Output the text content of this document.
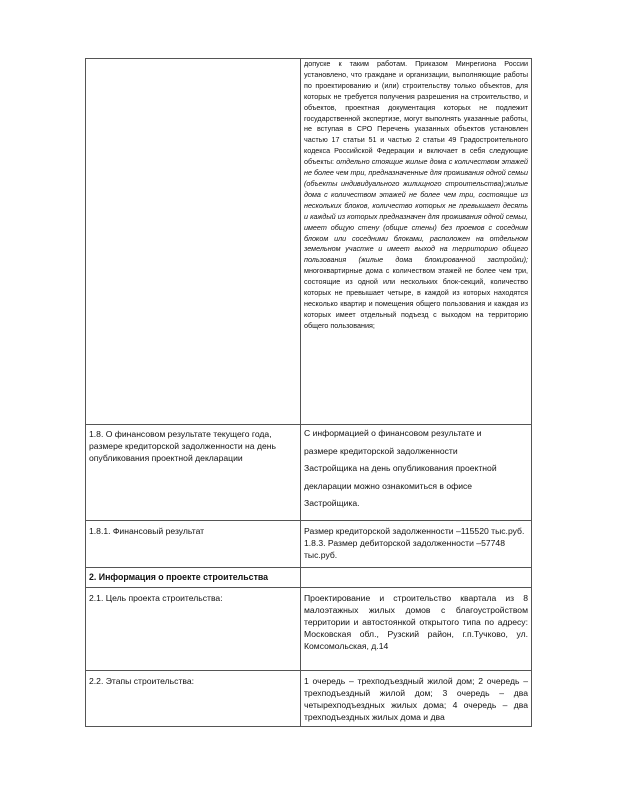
	допуске к таким работам. Приказом Минрегиона России установлено, что граждане и организации, выполняющие работы по проектированию и (или) строительству только объектов, для которых не требуется получения разрешения на строительство, и объектов, проектная документация которых не подлежит государственной экспертизе, могут выполнять указанные работы, не вступая в СРО Перечень указанных объектов установлен частью 17 статьи 51 и частью 2 статьи 49 Градостроительного кодекса Российской Федерации и включает в себя следующие объекты: отдельно стоящие жилые дома с количеством этажей не более чем три, предназначенные для проживания одной семьи (объекты индивидуального жилищного строительства);жилые дома с количеством этажей не более чем три, состоящие из нескольких блоков, количество которых не превышает десять и каждый из которых предназначен для проживания одной семьи, имеет общую стену (общие стены) без проемов с соседним блоком или соседними блоками, расположен на отдельном земельном участке и имеет выход на территорию общего пользования (жилые дома блокированной застройки); многоквартирные дома с количеством этажей не более чем три, состоящие из одной или нескольких блок-секций, количество которых не превышает четыре, в каждой из которых находятся несколько квартир и помещения общего пользования и каждая из которых имеет отдельный подъезд с выходом на территорию общего пользования;

1.8. О финансовом результате текущего года, размере кредиторской задолженности на день опубликования проектной декларации	С информацией о финансовом результате и

размере кредиторской задолженности

Застройщика на день опубликования проектной

декларации можно ознакомиться в офисе

Застройщика.

1.8.1. Финансовый результат	Размер кредиторской задолженности –115520 тыс.руб. 1.8.3. Размер дебиторской задолженности –57748 тыс.руб.

2. Информация о проекте строительства	

2.1. Цель проекта строительства:	Проектирование и строительство квартала из 8 малоэтажных жилых домов с благоустройством территории и автостоянкой открытого типа по адресу: Московская обл., Рузский район, г.п.Тучково, ул. Комсомольская, д.14

2.2. Этапы строительства:	1 очередь – трехподъездный жилой дом; 2 очередь – трехподъездный жилой дом; 3 очередь – два четырехподъездных жилых дома; 4 очередь – два трехподъездных жилых дома и два
